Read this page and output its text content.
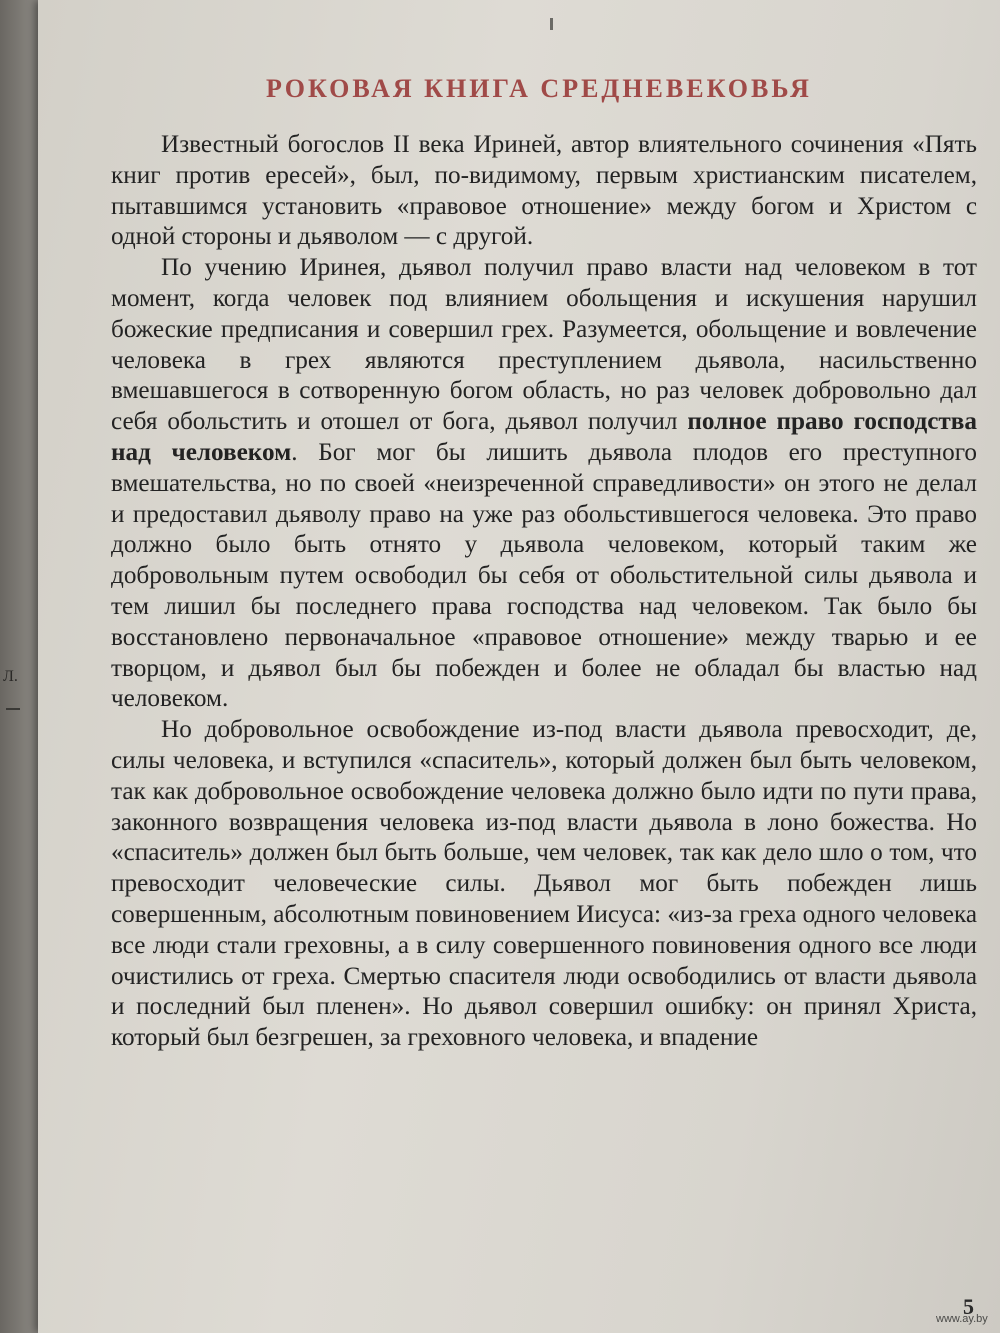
Л.
РОКОВАЯ КНИГА СРЕДНЕВЕКОВЬЯ

Известный богослов II века Ириней, автор влиятельного сочинения «Пять книг против ересей», был, по-видимому, первым христианским писателем, пытавшимся установить «правовое отношение» между богом и Христом с одной стороны и дьяволом — с другой.

По учению Иринея, дьявол получил право власти над человеком в тот момент, когда человек под влиянием обольщения и искушения нарушил божеские предписания и совершил грех. Разумеется, обольщение и вовлечение человека в грех являются преступлением дьявола, насильственно вмешавшегося в сотворенную богом область, но раз человек добровольно дал себя обольстить и отошел от бога, дьявол получил полное право господства над человеком. Бог мог бы лишить дьявола плодов его преступного вмешательства, но по своей «неизреченной справедливости» он этого не делал и предоставил дьяволу право на уже раз обольстившегося человека. Это право должно было быть отнято у дьявола человеком, который таким же добровольным путем освободил бы себя от обольстительной силы дьявола и тем лишил бы последнего права господства над человеком. Так было бы восстановлено первоначальное «правовое отношение» между тварью и ее творцом, и дьявол был бы побежден и более не обладал бы властью над человеком.

Но добровольное освобождение из-под власти дьявола превосходит, де, силы человека, и вступился «спаситель», который должен был быть человеком, так как добровольное освобождение человека должно было идти по пути права, законного возвращения человека из-под власти дьявола в лоно божества. Но «спаситель» должен был быть больше, чем человек, так как дело шло о том, что превосходит человеческие силы. Дьявол мог быть побежден лишь совершенным, абсолютным повиновением Иисуса: «из-за греха одного человека все люди стали греховны, а в силу совершенного повиновения одного все люди очистились от греха. Смертью спасителя люди освободились от власти дьявола и последний был пленен». Но дьявол совершил ошибку: он принял Христа, который был безгрешен, за греховного человека, и впадение

5
www.ay.by
